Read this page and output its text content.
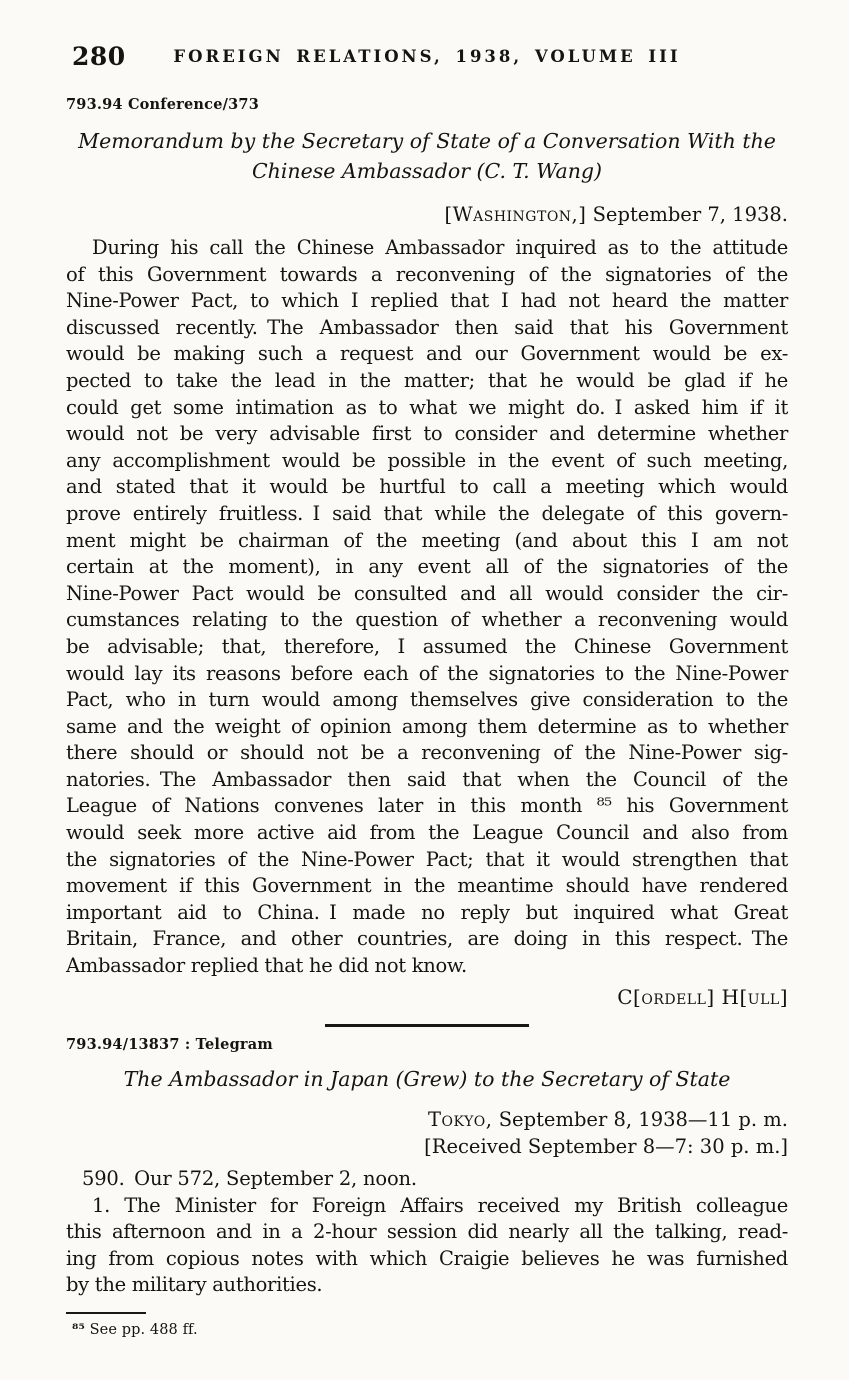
280	FOREIGN RELATIONS, 1938, VOLUME III
793.94 Conference/373
Memorandum by the Secretary of State of a Conversation With the
Chinese Ambassador (C. T. Wang)
[Washington,] September 7, 1938.
During his call the Chinese Ambassador inquired as to the attitude
of this Government towards a reconvening of the signatories of the
Nine-Power Pact, to which I replied that I had not heard the matter
discussed recently. The Ambassador then said that his Government
would be making such a request and our Government would be ex-
pected to take the lead in the matter; that he would be glad if he
could get some intimation as to what we might do. I asked him if it
would not be very advisable first to consider and determine whether
any accomplishment would be possible in the event of such meeting,
and stated that it would be hurtful to call a meeting which would
prove entirely fruitless. I said that while the delegate of this govern-
ment might be chairman of the meeting (and about this I am not
certain at the moment), in any event all of the signatories of the
Nine-Power Pact would be consulted and all would consider the cir-
cumstances relating to the question of whether a reconvening would
be advisable; that, therefore, I assumed the Chinese Government
would lay its reasons before each of the signatories to the Nine-Power
Pact, who in turn would among themselves give consideration to the
same and the weight of opinion among them determine as to whether
there should or should not be a reconvening of the Nine-Power sig-
natories. The Ambassador then said that when the Council of the
League of Nations convenes later in this month ⁸⁵ his Government
would seek more active aid from the League Council and also from
the signatories of the Nine-Power Pact; that it would strengthen that
movement if this Government in the meantime should have rendered
important aid to China. I made no reply but inquired what Great
Britain, France, and other countries, are doing in this respect. The
Ambassador replied that he did not know.
C[ordell] H[ull]
793.94/13837 : Telegram
The Ambassador in Japan (Grew) to the Secretary of State
Tokyo, September 8, 1938—11 p. m.
[Received September 8—7: 30 p. m.]
590. Our 572, September 2, noon.
1. The Minister for Foreign Affairs received my British colleague
this afternoon and in a 2-hour session did nearly all the talking, read-
ing from copious notes with which Craigie believes he was furnished
by the military authorities.
⁸⁵ See pp. 488 ff.
